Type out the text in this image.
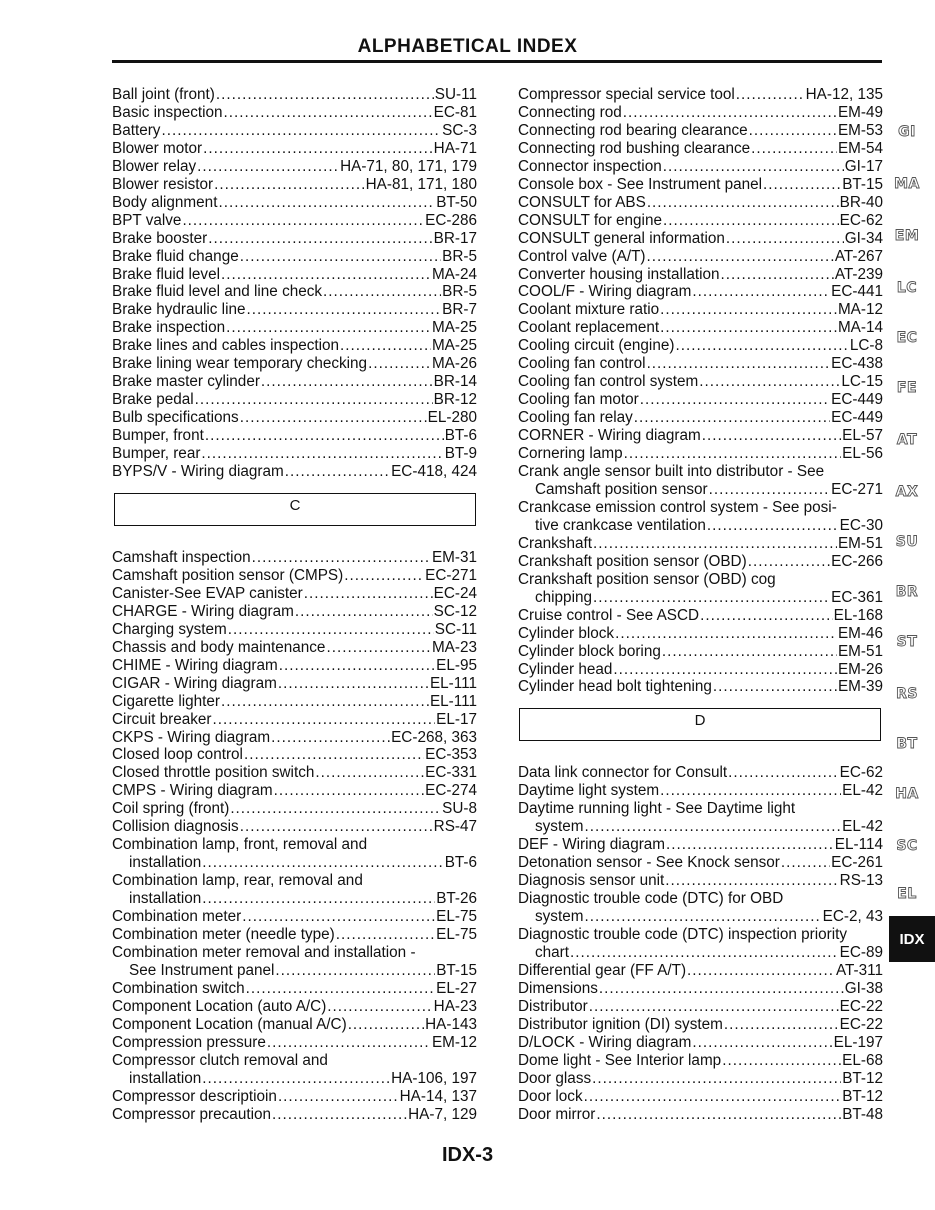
ALPHABETICAL INDEX
Ball joint (front) .....	SU-11
Basic inspection .....	EC-81
Battery .....	SC-3
Blower motor .....	HA-71
Blower relay .....	HA-71, 80, 171, 179
Blower resistor .....	HA-81, 171, 180
Body alignment .....	BT-50
BPT valve .....	EC-286
Brake booster .....	BR-17
Brake fluid change .....	BR-5
Brake fluid level .....	MA-24
Brake fluid level and line check .....	BR-5
Brake hydraulic line .....	BR-7
Brake inspection .....	MA-25
Brake lines and cables inspection .....	MA-25
Brake lining wear temporary checking .....	MA-26
Brake master cylinder .....	BR-14
Brake pedal .....	BR-12
Bulb specifications .....	EL-280
Bumper, front .....	BT-6
Bumper, rear .....	BT-9
BYPS/V - Wiring diagram .....	EC-418, 424
C
Camshaft inspection .....	EM-31
Camshaft position sensor (CMPS) .....	EC-271
Canister-See EVAP canister .....	EC-24
CHARGE - Wiring diagram .....	SC-12
Charging system .....	SC-11
Chassis and body maintenance .....	MA-23
CHIME - Wiring diagram .....	EL-95
CIGAR - Wiring diagram .....	EL-111
Cigarette lighter .....	EL-111
Circuit breaker .....	EL-17
CKPS - Wiring diagram .....	EC-268, 363
Closed loop control .....	EC-353
Closed throttle position switch .....	EC-331
CMPS - Wiring diagram .....	EC-274
Coil spring (front) .....	SU-8
Collision diagnosis .....	RS-47
Combination lamp, front, removal and
installation .....	BT-6
Combination lamp, rear, removal and
installation .....	BT-26
Combination meter .....	EL-75
Combination meter (needle type) .....	EL-75
Combination meter removal and installation -
See Instrument panel .....	BT-15
Combination switch .....	EL-27
Component Location (auto A/C) .....	HA-23
Component Location (manual A/C) .....	HA-143
Compression pressure .....	EM-12
Compressor clutch removal and
installation .....	HA-106, 197
Compressor descriptioin .....	HA-14, 137
Compressor precaution .....	HA-7, 129
Compressor special service tool .....	HA-12, 135
Connecting rod .....	EM-49
Connecting rod bearing clearance .....	EM-53
Connecting rod bushing clearance .....	EM-54
Connector inspection .....	GI-17
Console box - See Instrument panel .....	BT-15
CONSULT for ABS .....	BR-40
CONSULT for engine .....	EC-62
CONSULT general information .....	GI-34
Control valve (A/T) .....	AT-267
Converter housing installation .....	AT-239
COOL/F - Wiring diagram .....	EC-441
Coolant mixture ratio .....	MA-12
Coolant replacement .....	MA-14
Cooling circuit (engine) .....	LC-8
Cooling fan control .....	EC-438
Cooling fan control system .....	LC-15
Cooling fan motor .....	EC-449
Cooling fan relay .....	EC-449
CORNER - Wiring diagram .....	EL-57
Cornering lamp .....	EL-56
Crank angle sensor built into distributor - See
Camshaft position sensor .....	EC-271
Crankcase emission control system - See posi-
tive crankcase ventilation .....	EC-30
Crankshaft .....	EM-51
Crankshaft position sensor (OBD) .....	EC-266
Crankshaft position sensor (OBD) cog
chipping .....	EC-361
Cruise control - See ASCD .....	EL-168
Cylinder block .....	EM-46
Cylinder block boring .....	EM-51
Cylinder head .....	EM-26
Cylinder head bolt tightening .....	EM-39
D
Data link connector for Consult .....	EC-62
Daytime light system .....	EL-42
Daytime running light - See Daytime light
system .....	EL-42
DEF - Wiring diagram .....	EL-114
Detonation sensor - See Knock sensor .....	EC-261
Diagnosis sensor unit .....	RS-13
Diagnostic trouble code (DTC) for OBD
system .....	EC-2, 43
Diagnostic trouble code (DTC) inspection priority
chart .....	EC-89
Differential gear (FF A/T) .....	AT-311
Dimensions .....	GI-38
Distributor .....	EC-22
Distributor ignition (DI) system .....	EC-22
D/LOCK - Wiring diagram .....	EL-197
Dome light - See Interior lamp .....	EL-68
Door glass .....	BT-12
Door lock .....	BT-12
Door mirror .....	BT-48
GI
MA
EM
LC
EC
FE
AT
AX
SU
BR
ST
RS
BT
HA
SC
EL
IDX
IDX-3
